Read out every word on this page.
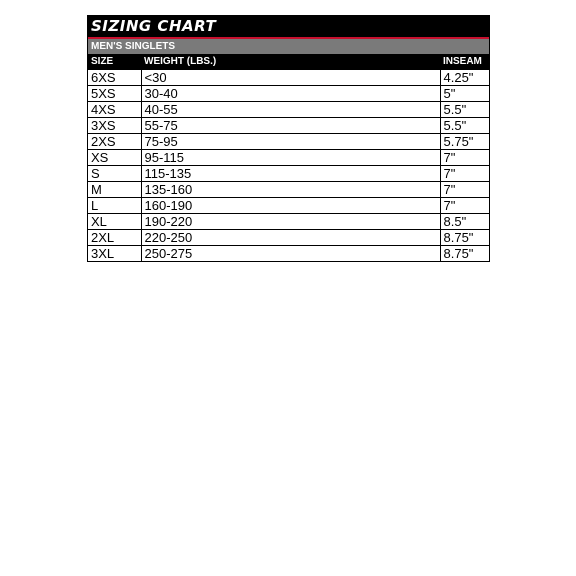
SIZING CHART
MEN'S SINGLETS
SIZE	WEIGHT (LBS.)	INSEAM
6XS	<30	4.25"
5XS	30-40	5"
4XS	40-55	5.5"
3XS	55-75	5.5"
2XS	75-95	5.75"
XS	95-115	7"
S	115-135	7"
M	135-160	7"
L	160-190	7"
XL	190-220	8.5"
2XL	220-250	8.75"
3XL	250-275	8.75"
